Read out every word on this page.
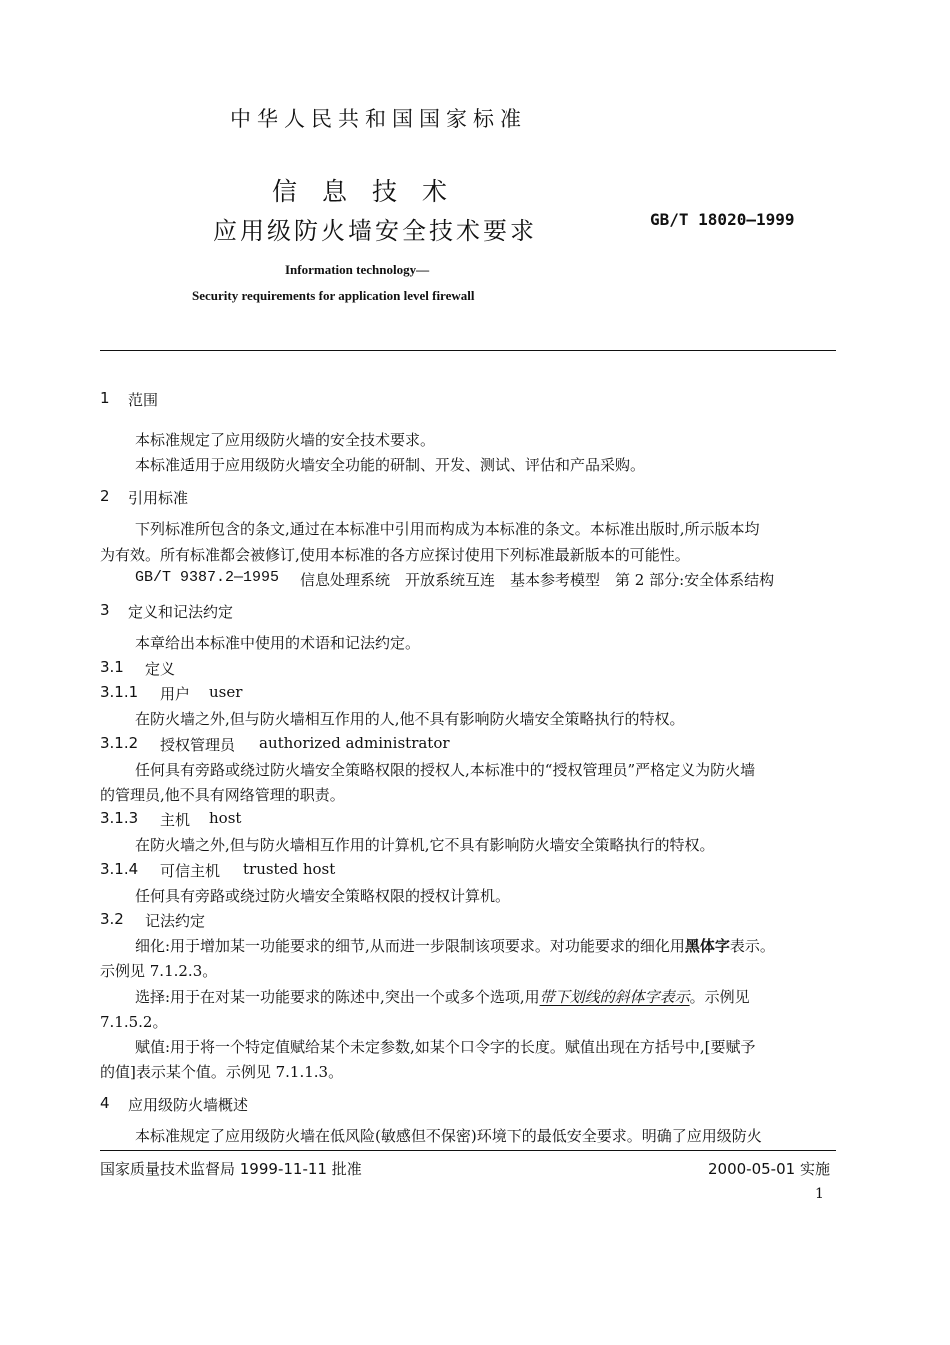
中华人民共和国国家标准
信　息　技　术
应用级防火墙安全技术要求	GB/T 18020—1999
Information technology—
Security requirements for application level firewall
1 范围
本标准规定了应用级防火墙的安全技术要求。
本标准适用于应用级防火墙安全功能的研制、开发、测试、评估和产品采购。
2 引用标准
下列标准所包含的条文,通过在本标准中引用而构成为本标准的条文。本标准出版时,所示版本均
为有效。所有标准都会被修订,使用本标准的各方应探讨使用下列标准最新版本的可能性。
GB/T 9387.2—1995 信息处理系统　开放系统互连　基本参考模型　第 2 部分:安全体系结构
3 定义和记法约定
本章给出本标准中使用的术语和记法约定。
3.1 定义
3.1.1 用户 user
在防火墙之外,但与防火墙相互作用的人,他不具有影响防火墙安全策略执行的特权。
3.1.2 授权管理员 authorized administrator
任何具有旁路或绕过防火墙安全策略权限的授权人,本标准中的“授权管理员”严格定义为防火墙
的管理员,他不具有网络管理的职责。
3.1.3 主机 host
在防火墙之外,但与防火墙相互作用的计算机,它不具有影响防火墙安全策略执行的特权。
3.1.4 可信主机 trusted host
任何具有旁路或绕过防火墙安全策略权限的授权计算机。
3.2 记法约定
细化:用于增加某一功能要求的细节,从而进一步限制该项要求。对功能要求的细化用黑体字表示。
示例见 7.1.2.3。
选择:用于在对某一功能要求的陈述中,突出一个或多个选项,用带下划线的斜体字表示。示例见
7.1.5.2。
赋值:用于将一个特定值赋给某个未定参数,如某个口令字的长度。赋值出现在方括号中,[要赋予
的值]表示某个值。示例见 7.1.1.3。
4 应用级防火墙概述
本标准规定了应用级防火墙在低风险(敏感但不保密)环境下的最低安全要求。明确了应用级防火
国家质量技术监督局 1999-11-11 批准	2000-05-01 实施
1
